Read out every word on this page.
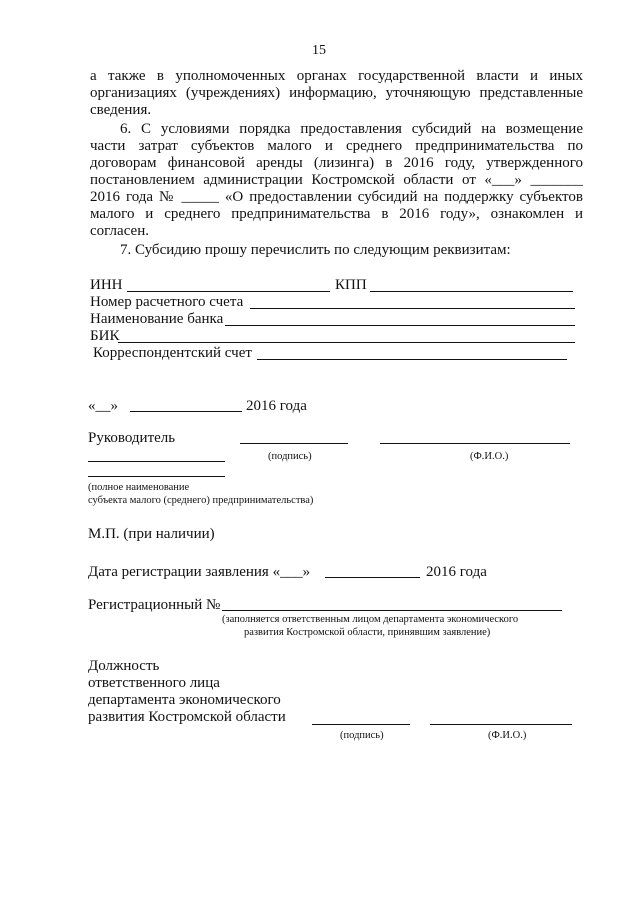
15
а также в уполномоченных органах государственной власти и иных
организациях (учреждениях) информацию, уточняющую представленные
сведения.
6. С условиями порядка предоставления субсидий на возмещение
части затрат субъектов малого и среднего предпринимательства по
договорам финансовой аренды (лизинга) в 2016 году, утвержденного
постановлением администрации Костромской области от «___» _______
2016 года № _____ «О предоставлении субсидий на поддержку субъектов
малого и среднего предпринимательства в 2016 году», ознакомлен и
согласен.
7. Субсидию прошу перечислить по следующим реквизитам:
ИНН	КПП
Номер расчетного счета
Наименование банка
БИК
Корреспондентский счет
«__»	2016 года
Руководитель
(подпись)	(Ф.И.О.)
(полное наименование
субъекта малого (среднего) предпринимательства)
М.П. (при наличии)
Дата регистрации заявления «___»	2016 года
Регистрационный №
(заполняется ответственным лицом департамента экономического
развития Костромской области, принявшим заявление)
Должность
ответственного лица
департамента экономического
развития Костромской области
(подпись)	(Ф.И.О.)
